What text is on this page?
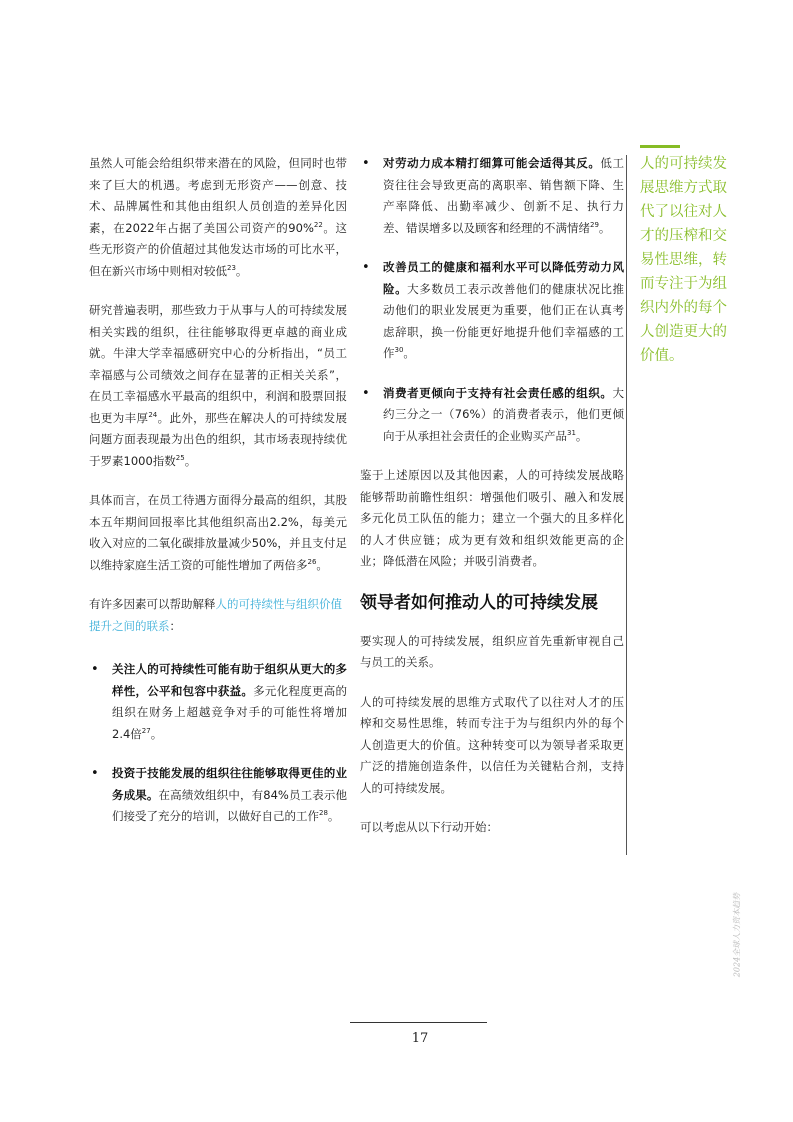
虽然人可能会给组织带来潜在的风险，但同时也带来了巨大的机遇。考虑到无形资产——创意、技术、品牌属性和其他由组织人员创造的差异化因素，在2022年占据了美国公司资产的90%$^{22}$。这些无形资产的价值超过其他发达市场的可比水平，但在新兴市场中则相对较低$^{23}$。

研究普遍表明，那些致力于从事与人的可持续发展相关实践的组织，往往能够取得更卓越的商业成就。牛津大学幸福感研究中心的分析指出，“员工幸福感与公司绩效之间存在显著的正相关关系”，在员工幸福感水平最高的组织中，利润和股票回报也更为丰厚$^{24}$。此外，那些在解决人的可持续发展问题方面表现最为出色的组织，其市场表现持续优于罗素1000指数$^{25}$。

具体而言，在员工待遇方面得分最高的组织，其股本五年期间回报率比其他组织高出2.2%，每美元收入对应的二氧化碳排放量减少50%，并且支付足以维持家庭生活工资的可能性增加了两倍多$^{26}$。

有许多因素可以帮助解释人的可持续性与组织价值提升之间的联系：

• 关注人的可持续性可能有助于组织从更大的多样性，公平和包容中获益。多元化程度更高的组织在财务上超越竞争对手的可能性将增加2.4倍$^{27}$。
• 投资于技能发展的组织往往能够取得更佳的业务成果。在高绩效组织中，有84%员工表示他们接受了充分的培训，以做好自己的工作$^{28}$。
• 对劳动力成本精打细算可能会适得其反。低工资往往会导致更高的离职率、销售额下降、生产率降低、出勤率减少、创新不足、执行力差、错误增多以及顾客和经理的不满情绪$^{29}$。
• 改善员工的健康和福利水平可以降低劳动力风险。大多数员工表示改善他们的健康状况比推动他们的职业发展更为重要，他们正在认真考虑辞职，换一份能更好地提升他们幸福感的工作$^{30}$。
• 消费者更倾向于支持有社会责任感的组织。大约三分之一（76%）的消费者表示，他们更倾向于从承担社会责任的企业购买产品$^{31}$。

鉴于上述原因以及其他因素，人的可持续发展战略能够帮助前瞻性组织：增强他们吸引、融入和发展多元化员工队伍的能力；建立一个强大的且多样化的人才供应链；成为更有效和组织效能更高的企业；降低潜在风险；并吸引消费者。

领导者如何推动人的可持续发展

要实现人的可持续发展，组织应首先重新审视自己与员工的关系。

人的可持续发展的思维方式取代了以往对人才的压榨和交易性思维，转而专注于为与组织内外的每个人创造更大的价值。这种转变可以为领导者采取更广泛的措施创造条件，以信任为关键粘合剂，支持人的可持续发展。

可以考虑从以下行动开始：

人的可持续发展思维方式取代了以往对人才的压榨和交易性思维，转而专注于为组织内外的每个人创造更大的价值。
2024全球人力资本趋势
17
